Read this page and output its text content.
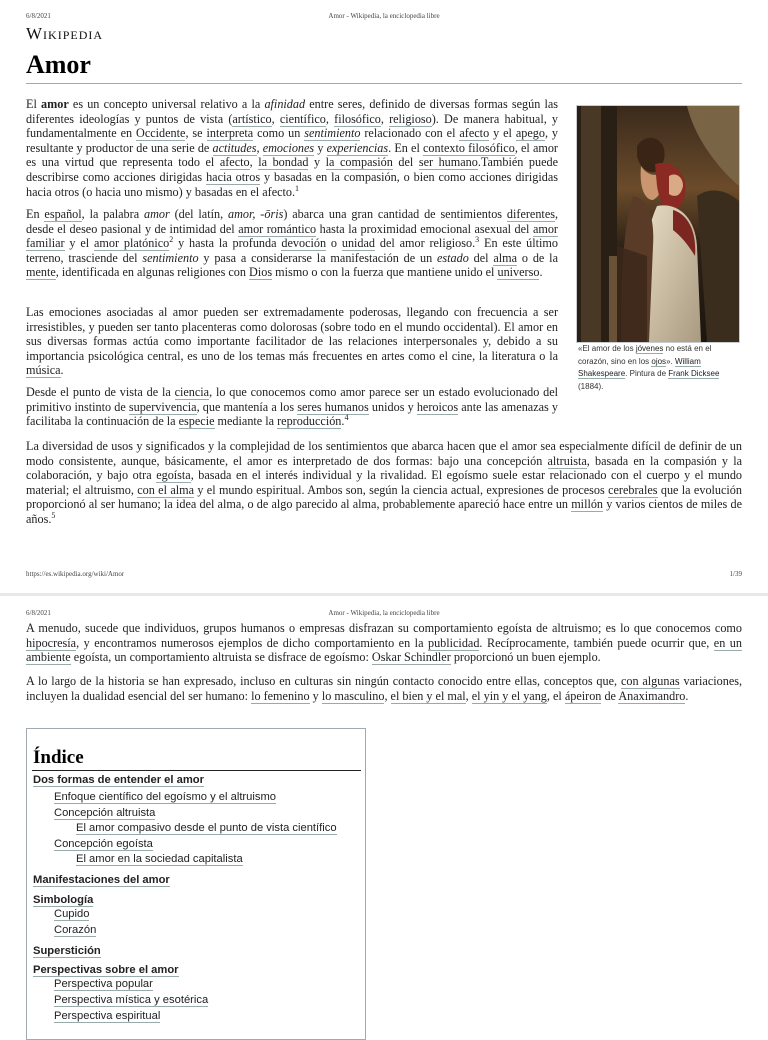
6/8/2021	Amor - Wikipedia, la enciclopedia libre
Wikipedia
Amor

El amor es un concepto universal relativo a la afinidad entre seres, definido de diversas formas según las diferentes ideologías y puntos de vista (artístico, científico, filosófico, religioso). De manera habitual, y fundamentalmente en Occidente, se interpreta como un sentimiento relacionado con el afecto y el apego, y resultante y productor de una serie de actitudes, emociones y experiencias. En el contexto filosófico, el amor es una virtud que representa todo el afecto, la bondad y la compasión del ser humano.También puede describirse como acciones dirigidas hacia otros y basadas en la compasión, o bien como acciones dirigidas hacia otros (o hacia uno mismo) y basadas en el afecto.$^1$

En español, la palabra amor (del latín, amor, -ōris) abarca una gran cantidad de sentimientos diferentes, desde el deseo pasional y de intimidad del amor romántico hasta la proximidad emocional asexual del amor familiar y el amor platónico$^2$ y hasta la profunda devoción o unidad del amor religioso.$^3$ En este último terreno, trasciende del sentimiento y pasa a considerarse la manifestación de un estado del alma o de la mente, identificada en algunas religiones con Dios mismo o con la fuerza que mantiene unido el universo.

Las emociones asociadas al amor pueden ser extremadamente poderosas, llegando con frecuencia a ser irresistibles, y pueden ser tanto placenteras como dolorosas (sobre todo en el mundo occidental). El amor en sus diversas formas actúa como importante facilitador de las relaciones interpersonales y, debido a su importancia psicológica central, es uno de los temas más frecuentes en artes como el cine, la literatura o la música.

Desde el punto de vista de la ciencia, lo que conocemos como amor parece ser un estado evolucionado del primitivo instinto de supervivencia, que mantenía a los seres humanos unidos y heroicos ante las amenazas y facilitaba la continuación de la especie mediante la reproducción.$^4$

La diversidad de usos y significados y la complejidad de los sentimientos que abarca hacen que el amor sea especialmente difícil de definir de un modo consistente, aunque, básicamente, el amor es interpretado de dos formas: bajo una concepción altruista, basada en la compasión y la colaboración, y bajo otra egoísta, basada en el interés individual y la rivalidad. El egoísmo suele estar relacionado con el cuerpo y el mundo material; el altruismo, con el alma y el mundo espiritual. Ambos son, según la ciencia actual, expresiones de procesos cerebrales que la evolución proporcionó al ser humano; la idea del alma, o de algo parecido al alma, probablemente apareció hace entre un millón y varios cientos de miles de años.$^5$

«El amor de los jóvenes no está en el corazón, sino en los ojos». William Shakespeare. Pintura de Frank Dicksee (1884).
https://es.wikipedia.org/wiki/Amor	1/39
6/8/2021	Amor - Wikipedia, la enciclopedia libre

A menudo, sucede que individuos, grupos humanos o empresas disfrazan su comportamiento egoísta de altruismo; es lo que conocemos como hipocresía, y encontramos numerosos ejemplos de dicho comportamiento en la publicidad. Recíprocamente, también puede ocurrir que, en un ambiente egoísta, un comportamiento altruista se disfrace de egoísmo: Oskar Schindler proporcionó un buen ejemplo.

A lo largo de la historia se han expresado, incluso en culturas sin ningún contacto conocido entre ellas, conceptos que, con algunas variaciones, incluyen la dualidad esencial del ser humano: lo femenino y lo masculino, el bien y el mal, el yin y el yang, el ápeiron de Anaximandro.

Índice
Dos formas de entender el amor
Enfoque científico del egoísmo y el altruismo
Concepción altruista
El amor compasivo desde el punto de vista científico
Concepción egoísta
El amor en la sociedad capitalista
Manifestaciones del amor
Simbología
Cupido
Corazón
Superstición
Perspectivas sobre el amor
Perspectiva popular
Perspectiva mística y esotérica
Perspectiva espiritual
